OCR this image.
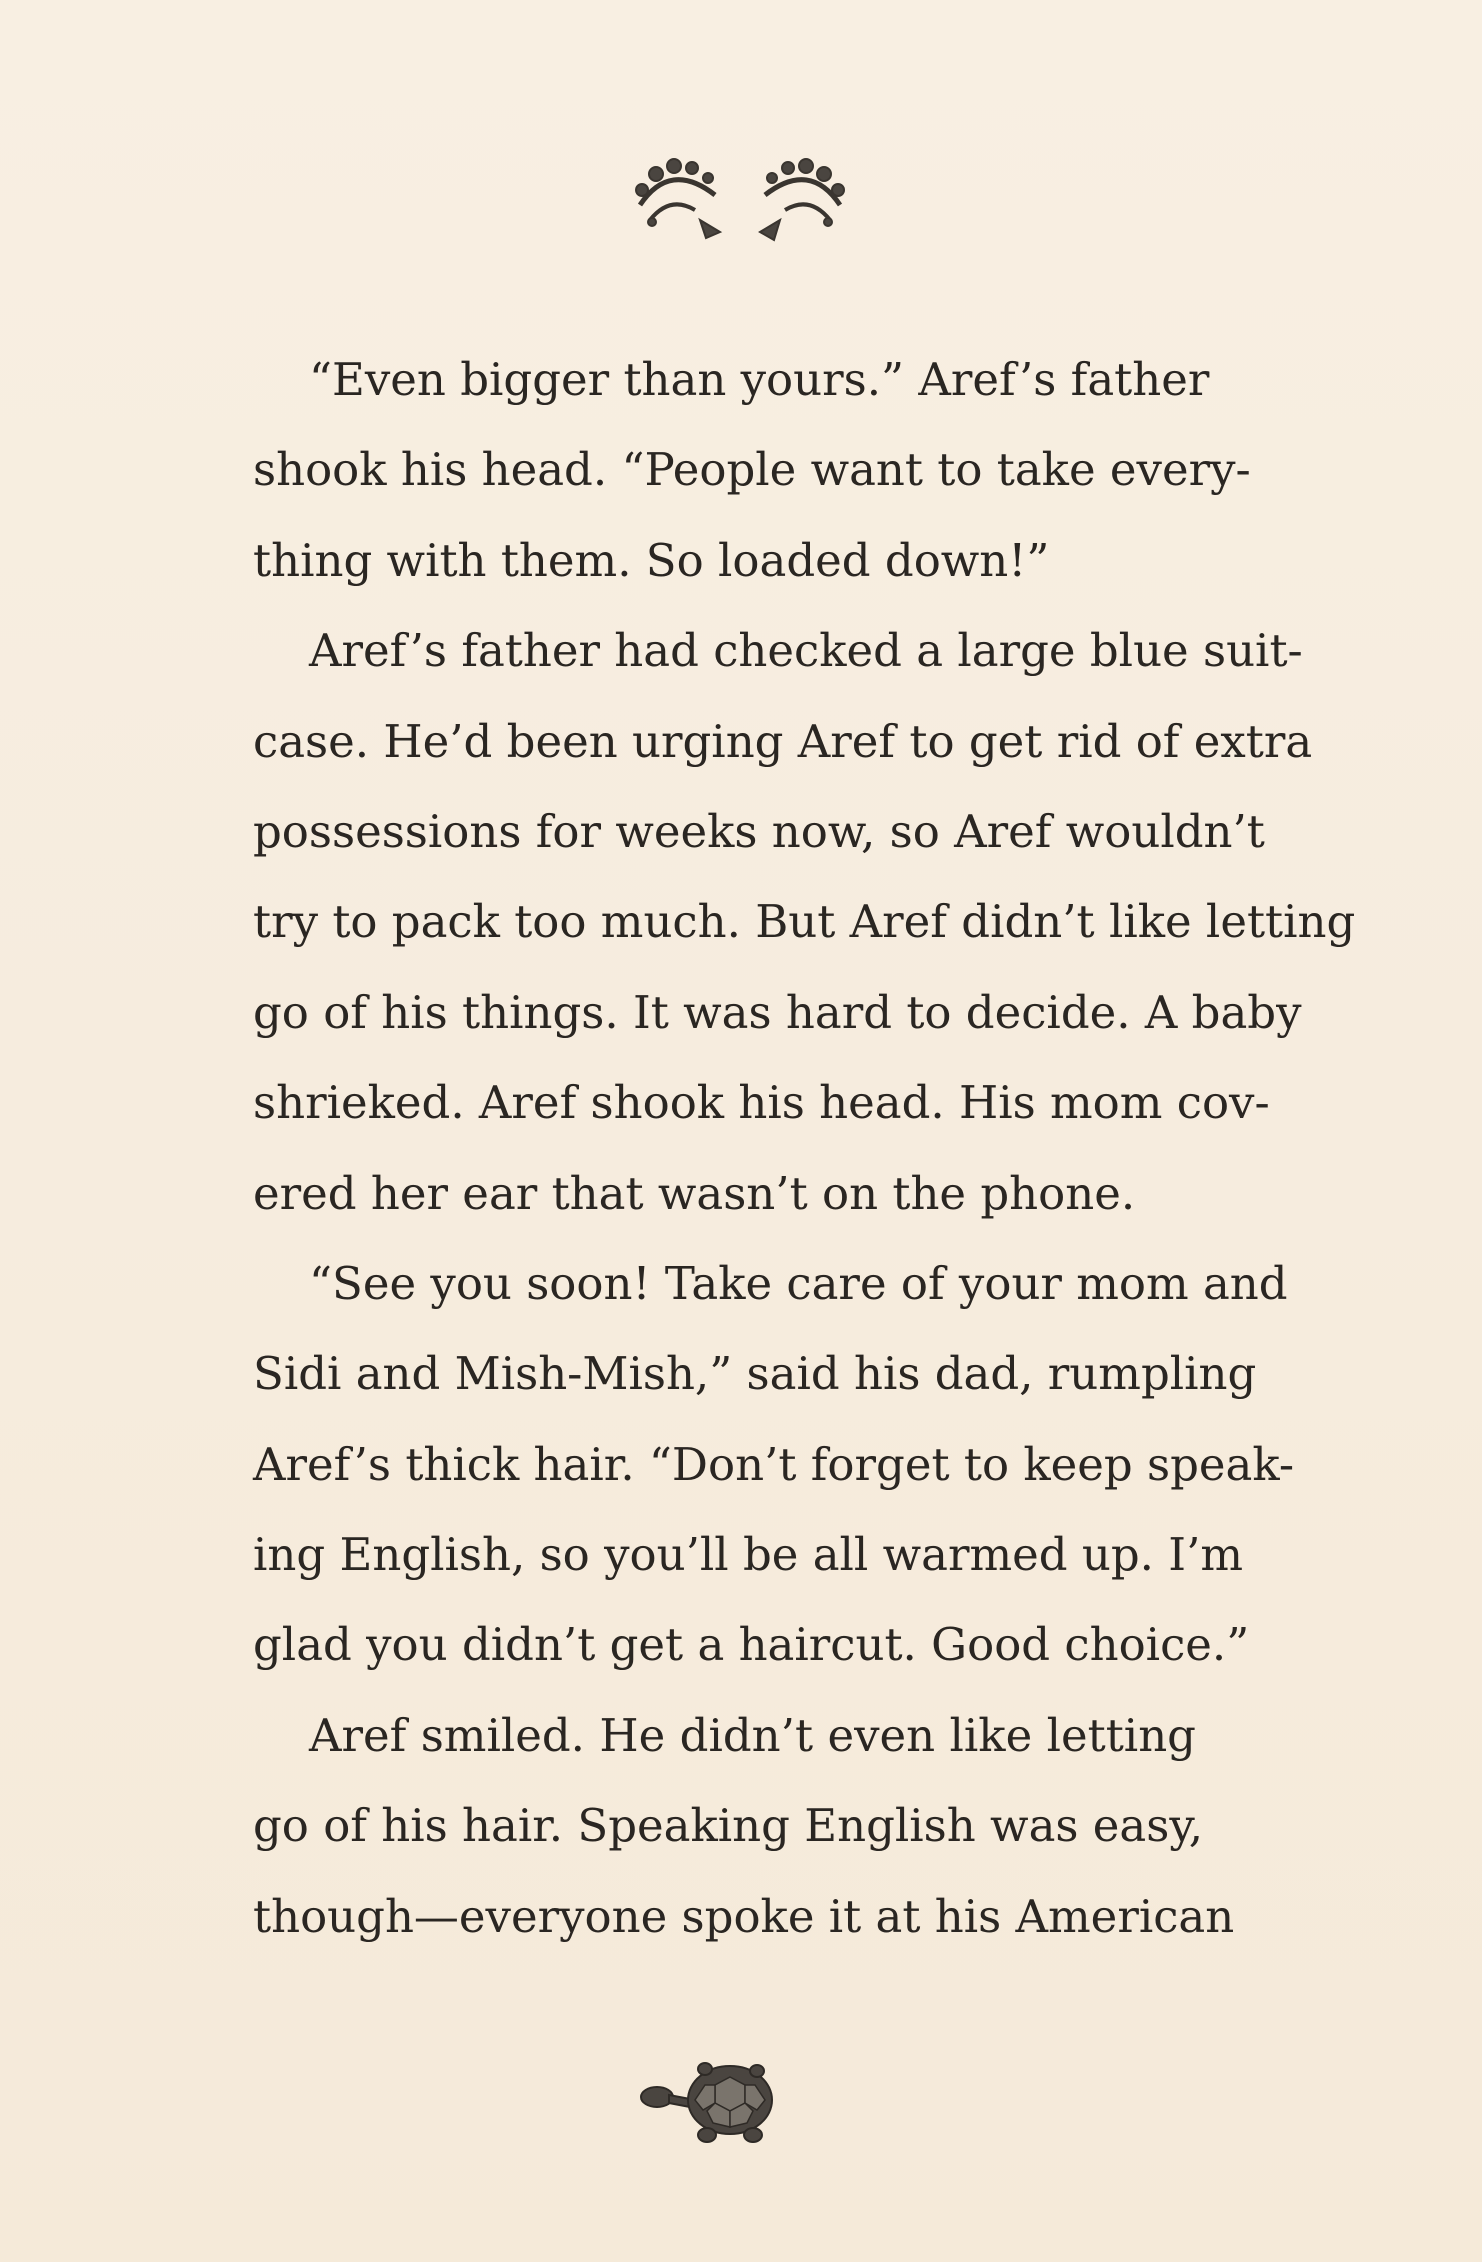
“Even bigger than yours.” Aref’s father
shook his head. “People want to take every-
thing with them. So loaded down!”
Aref’s father had checked a large blue suit-
case. He’d been urging Aref to get rid of extra
possessions for weeks now, so Aref wouldn’t
try to pack too much. But Aref didn’t like letting
go of his things. It was hard to decide. A baby
shrieked. Aref shook his head. His mom cov-
ered her ear that wasn’t on the phone.
“See you soon! Take care of your mom and
Sidi and Mish-Mish,” said his dad, rumpling
Aref’s thick hair. “Don’t forget to keep speak-
ing English, so you’ll be all warmed up. I’m
glad you didn’t get a haircut. Good choice.”
Aref smiled. He didn’t even like letting
go of his hair. Speaking English was easy,
though—everyone spoke it at his American
